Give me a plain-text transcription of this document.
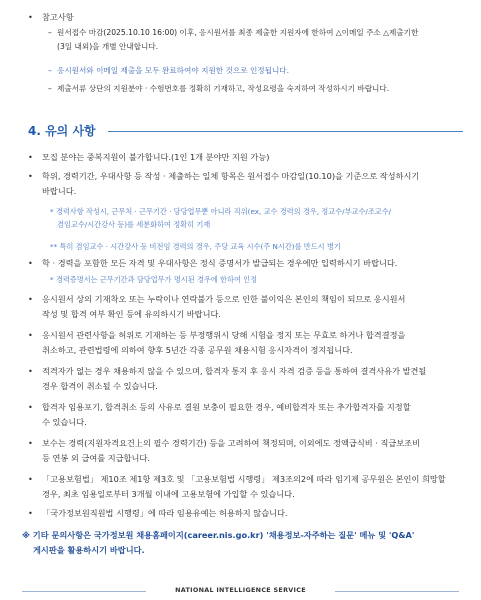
•	참고사항
– 원서접수 마감(2025.10.10 16:00) 이후, 응시원서를 최종 제출한 지원자에 한하여 △이메일 주소 △제출기한
(3일 내외)을 개별 안내합니다.
– 응시원서와 이메일 제출을 모두 완료하여야 지원한 것으로 인정됩니다.
– 제출서류 상단의 지원분야 · 수험번호를 정확히 기재하고, 작성요령을 숙지하여 작성하시기 바랍니다.
4. 유의 사항
•	모집 분야는 중복지원이 불가합니다.(1인 1개 분야만 지원 가능)
•	학위, 경력기간, 우대사항 등 작성 · 제출하는 일체 항목은 원서접수 마감일(10.10)을 기준으로 작성하시기
바랍니다.
* 경력사항 작성시, 근무처 · 근무기간 · 담당업무뿐 아니라 직위(ex, 교수 경력의 경우, 정교수/부교수/조교수/
겸임교수/시간강사 등)를 세분화하여 정확히 기재
** 특히 겸임교수 · 시간강사 등 비전임 경력의 경우, 주당 교육 시수(주 N시간)를 반드시 병기
•	학 · 경력을 포함한 모든 자격 및 우대사항은 정식 증명서가 발급되는 경우에만 입력하시기 바랍니다.
* 경력증명서는 근무기간과 담당업무가 명시된 경우에 한하여 인정
•	응시원서 상의 기재착오 또는 누락이나 연락불가 등으로 인한 불이익은 본인의 책임이 되므로 응시원서
작성 및 합격 여부 확인 등에 유의하시기 바랍니다.
•	응시원서 관련사항을 허위로 기재하는 등 부정행위시 당해 시험을 정지 또는 무효로 하거나 합격결정을
취소하고, 관련법령에 의하여 향후 5년간 각종 공무원 채용시험 응시자격이 정지됩니다.
•	적격자가 없는 경우 채용하지 않을 수 있으며, 합격자 통지 후 응시 자격 검증 등을 통하여 결격사유가 발견될
경우 합격이 취소될 수 있습니다.
•	합격자 임용포기, 합격취소 등의 사유로 결원 보충이 필요한 경우, 예비합격자 또는 추가합격자를 지정할
수 있습니다.
•	보수는 경력(지원자격요건上의 필수 경력기간) 등을 고려하여 책정되며, 이외에도 정액급식비 · 직급보조비
등 연봉 외 급여를 지급합니다.
•	「고용보험법」 제10조 제1항 제3호 및 「고용보험법 시행령」 제3조의2에 따라 임기제 공무원은 본인이 희망할
경우, 최초 임용일로부터 3개월 이내에 고용보험에 가입할 수 있습니다.
•	「국가정보원직원법 시행령」에 따라 임용유예는 허용하지 않습니다.
※ 기타 문의사항은 국가정보원 채용홈페이지(career.nis.go.kr) '채용정보-자주하는 질문' 메뉴 및 'Q&A'
게시판을 활용하시기 바랍니다.
NATIONAL INTELLIGENCE SERVICE
